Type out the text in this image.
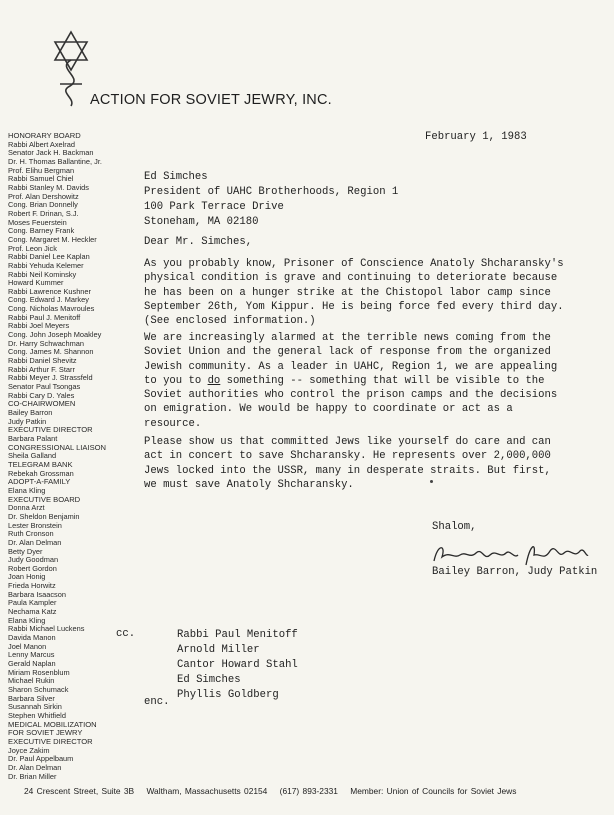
ACTION FOR SOVIET JEWRY, INC.
HONORARY BOARD
Rabbi Albert Axelrad
Senator Jack H. Backman
Dr. H. Thomas Ballantine, Jr.
Prof. Elihu Bergman
Rabbi Samuel Chiel
Rabbi Stanley M. Davids
Prof. Alan Dershowitz
Cong. Brian Donnelly
Robert F. Drinan, S.J.
Moses Feuerstein
Cong. Barney Frank
Cong. Margaret M. Heckler
Prof. Leon Jick
Rabbi Daniel Lee Kaplan
Rabbi Yehuda Kelemer
Rabbi Neil Kominsky
Howard Kummer
Rabbi Lawrence Kushner
Cong. Edward J. Markey
Cong. Nicholas Mavroules
Rabbi Paul J. Menitoff
Rabbi Joel Meyers
Cong. John Joseph Moakley
Dr. Harry Schwachman
Cong. James M. Shannon
Rabbi Daniel Shevitz
Rabbi Arthur F. Starr
Rabbi Meyer J. Strassfeld
Senator Paul Tsongas
Rabbi Cary D. Yales
CO-CHAIRWOMEN
Bailey Barron
Judy Patkin
EXECUTIVE DIRECTOR
Barbara Palant
CONGRESSIONAL LIAISON
Sheila Galland
TELEGRAM BANK
Rebekah Grossman
ADOPT-A-FAMILY
Elana Kling
EXECUTIVE BOARD
Donna Arzt
Dr. Sheldon Benjamin
Lester Bronstein
Ruth Cronson
Dr. Alan Delman
Betty Dyer
Judy Goodman
Robert Gordon
Joan Honig
Frieda Horwitz
Barbara Isaacson
Paula Kampler
Nechama Katz
Elana Kling
Rabbi Michael Luckens
Davida Manon
Joel Manon
Lenny Marcus
Gerald Naplan
Miriam Rosenblum
Michael Rukin
Sharon Schumack
Barbara Silver
Susannah Sirkin
Stephen Whitfield
MEDICAL MOBILIZATION
FOR SOVIET JEWRY
EXECUTIVE DIRECTOR
Joyce Zakim
Dr. Paul Appelbaum
Dr. Alan Delman
Dr. Brian Miller
February 1, 1983
Ed Simches
President of UAHC Brotherhoods, Region 1
100 Park Terrace Drive
Stoneham, MA 02180
Dear Mr. Simches,
As you probably know, Prisoner of Conscience Anatoly Shcharansky's
physical condition is grave and continuing to deteriorate because
he has been on a hunger strike at the Chistopol labor camp since
September 26th, Yom Kippur. He is being force fed every third day.
(See enclosed information.)
We are increasingly alarmed at the terrible news coming from the
Soviet Union and the general lack of response from the organized
Jewish community. As a leader in UAHC, Region 1, we are appealing
to you to do something -- something that will be visible to the
Soviet authorities who control the prison camps and the decisions
on emigration. We would be happy to coordinate or act as a
resource.
Please show us that committed Jews like yourself do care and can
act in concert to save Shcharansky. He represents over 2,000,000
Jews locked into the USSR, many in desperate straits. But first,
we must save Anatoly Shcharansky.
Shalom,
Bailey Barron, Judy Patkin
cc.	Rabbi Paul Menitoff
Arnold Miller
Cantor Howard Stahl
Ed Simches
Phyllis Goldberg
enc.
24 Crescent Street, Suite 3B Waltham, Massachusetts 02154 (617) 893-2331 Member: Union of Councils for Soviet Jews
